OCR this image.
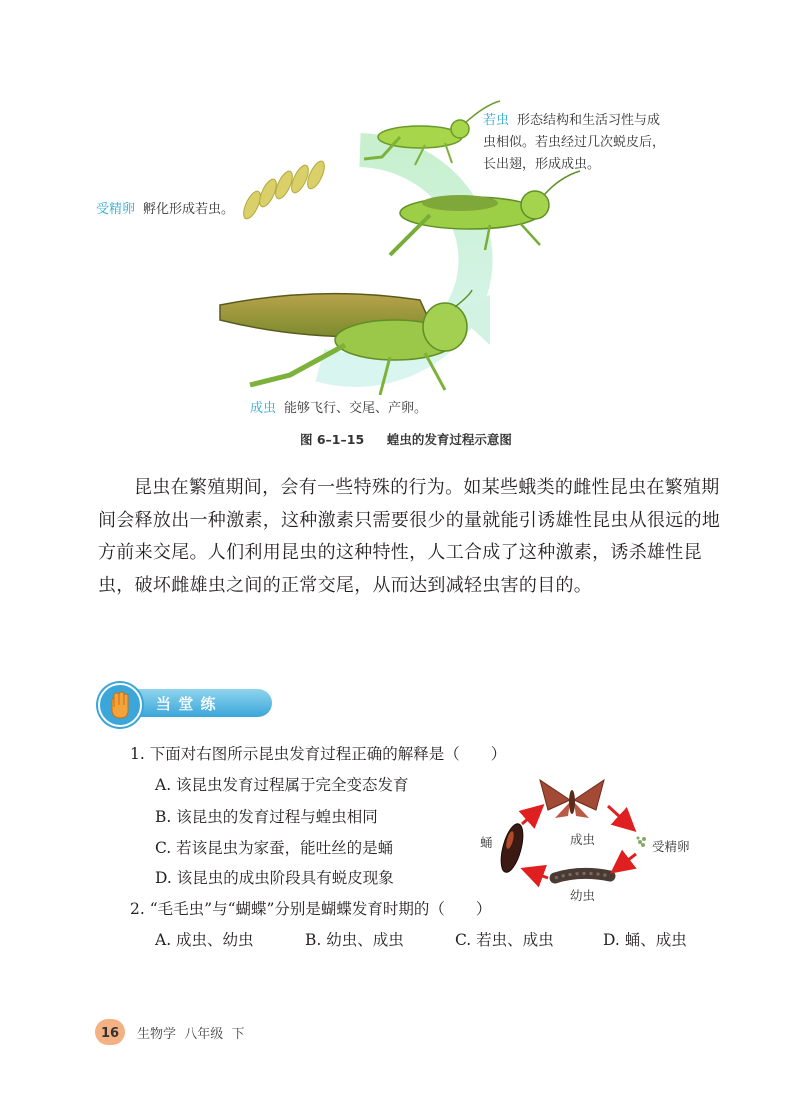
若虫 形态结构和生活习性与成
虫相似。若虫经过几次蜕皮后，
长出翅，形成成虫。
受精卵 孵化形成若虫。
成虫 能够飞行、交尾、产卵。
图 6–1–15 蝗虫的发育过程示意图
昆虫在繁殖期间，会有一些特殊的行为。如某些蛾类的雌性昆虫在繁殖期
间会释放出一种激素，这种激素只需要很少的量就能引诱雄性昆虫从很远的地
方前来交尾。人们利用昆虫的这种特性，人工合成了这种激素，诱杀雄性昆
虫，破坏雌雄虫之间的正常交尾，从而达到减轻虫害的目的。
当 堂 练
1. 下面对右图所示昆虫发育过程正确的解释是（　　）
A. 该昆虫发育过程属于完全变态发育
B. 该昆虫的发育过程与蝗虫相同
C. 若该昆虫为家蚕，能吐丝的是蛹
D. 该昆虫的成虫阶段具有蜕皮现象
成虫
蛹	受精卵
幼虫
2. “毛毛虫”与“蝴蝶”分别是蝴蝶发育时期的（　　）
A. 成虫、幼虫	B. 幼虫、成虫	C. 若虫、成虫	D. 蛹、成虫
16	生物学  八年级  下
